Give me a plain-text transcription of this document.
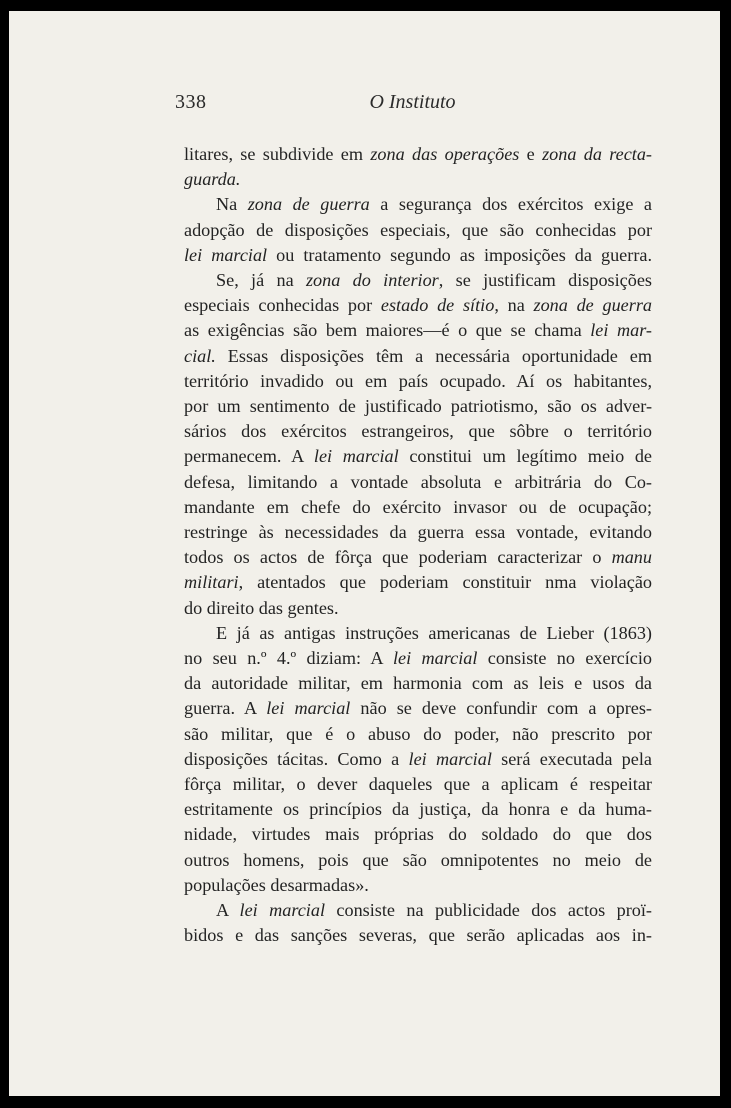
338	O Instituto
litares, se subdivide em zona das operações e zona da recta-
guarda.
Na zona de guerra a segurança dos exércitos exige a
adopção de disposições especiais, que são conhecidas por
lei marcial ou tratamento segundo as imposições da guerra.
Se, já na zona do interior, se justificam disposições
especiais conhecidas por estado de sítio, na zona de guerra
as exigências são bem maiores—é o que se chama lei mar-
cial. Essas disposições têm a necessária oportunidade em
território invadido ou em país ocupado. Aí os habitantes,
por um sentimento de justificado patriotismo, são os adver-
sários dos exércitos estrangeiros, que sôbre o território
permanecem. A lei marcial constitui um legítimo meio de
defesa, limitando a vontade absoluta e arbitrária do Co-
mandante em chefe do exército invasor ou de ocupação;
restringe às necessidades da guerra essa vontade, evitando
todos os actos de fôrça que poderiam caracterizar o manu
militari, atentados que poderiam constituir nma violação
do direito das gentes.
E já as antigas instruções americanas de Lieber (1863)
no seu n.º 4.º diziam: A lei marcial consiste no exercício
da autoridade militar, em harmonia com as leis e usos da
guerra. A lei marcial não se deve confundir com a opres-
são militar, que é o abuso do poder, não prescrito por
disposições tácitas. Como a lei marcial será executada pela
fôrça militar, o dever daqueles que a aplicam é respeitar
estritamente os princípios da justiça, da honra e da huma-
nidade, virtudes mais próprias do soldado do que dos
outros homens, pois que são omnipotentes no meio de
populações desarmadas».
A lei marcial consiste na publicidade dos actos proï-
bidos e das sanções severas, que serão aplicadas aos in-
